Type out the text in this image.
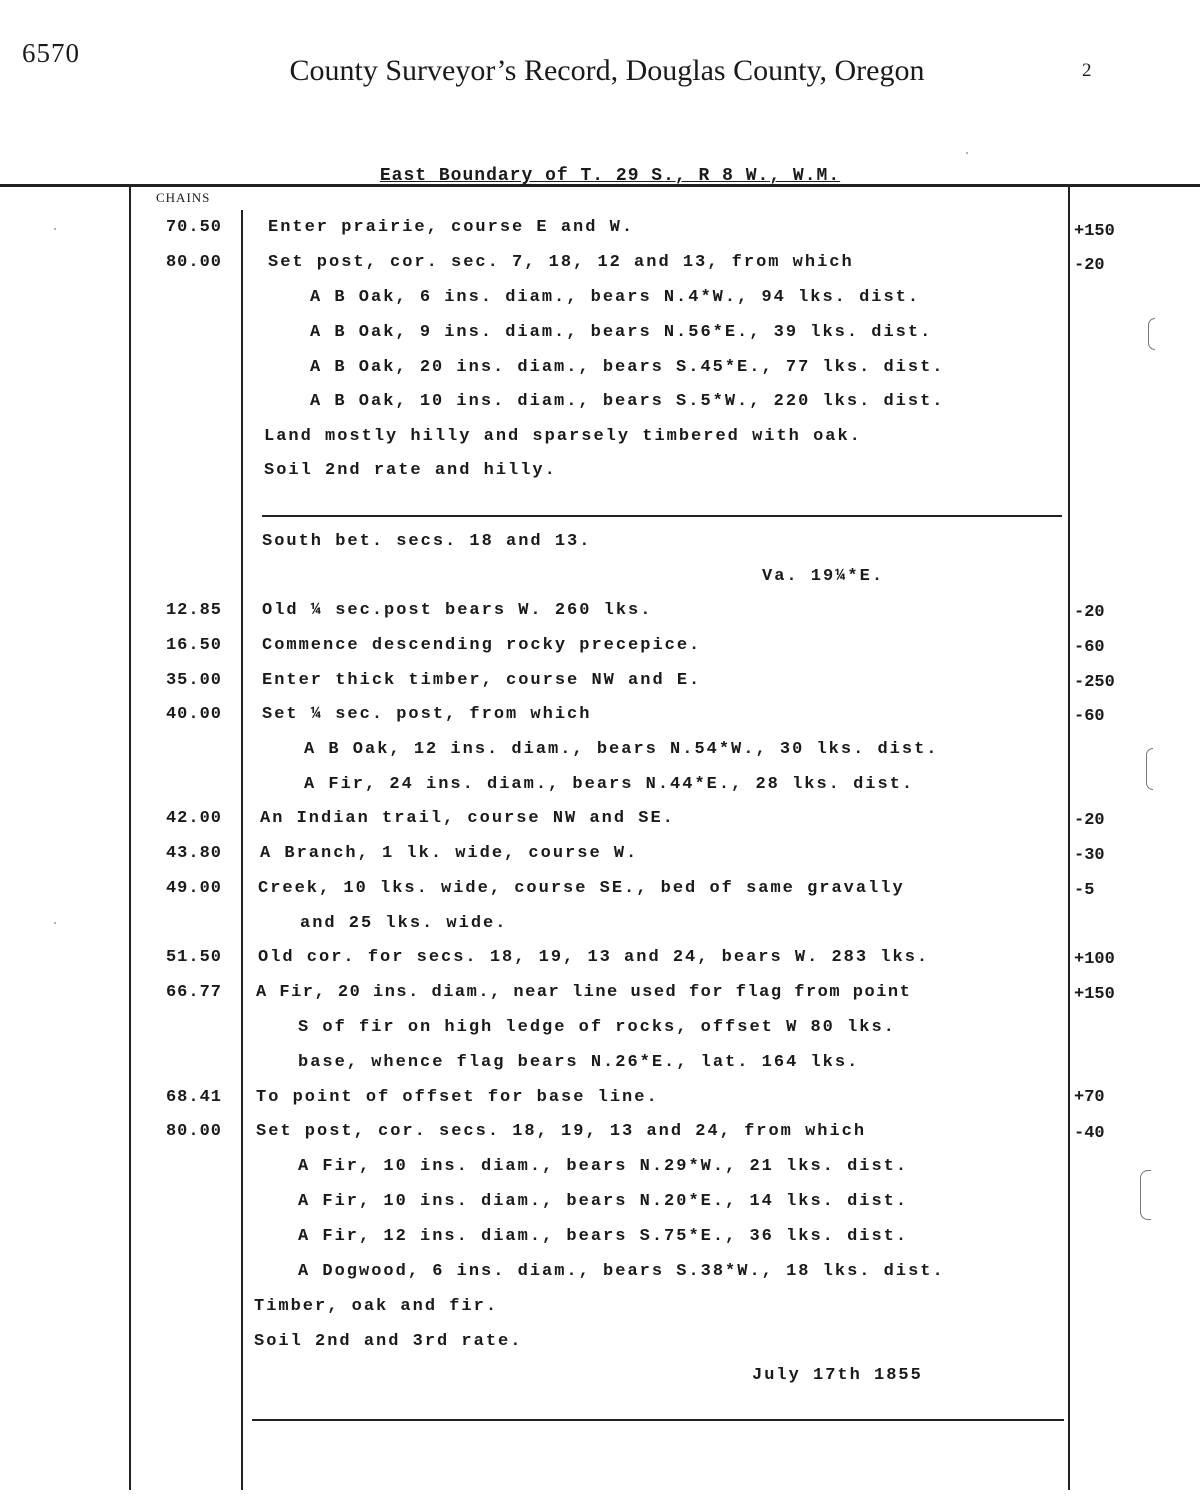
6570
County Surveyor’s Record, Douglas County, Oregon	2
East Boundary of T. 29 S., R 8 W., W.M.
CHAINS
70.50	Enter prairie, course E and W.	+150
80.00	Set post, cor. sec. 7, 18, 12 and 13, from which	-20
A B Oak, 6 ins. diam., bears N.4*W., 94 lks. dist.
A B Oak, 9 ins. diam., bears N.56*E., 39 lks. dist.
A B Oak, 20 ins. diam., bears S.45*E., 77 lks. dist.
A B Oak, 10 ins. diam., bears S.5*W., 220 lks. dist.
Land mostly hilly and sparsely timbered with oak.
Soil 2nd rate and hilly.
South bet. secs. 18 and 13.
Va. 19¼*E.
12.85 Old ¼ sec.post bears W. 260 lks.	-20
16.50 Commence descending rocky precepice.	-60
35.00 Enter thick timber, course NW and E.	-250
40.00 Set ¼ sec. post, from which	-60
A B Oak, 12 ins. diam., bears N.54*W., 30 lks. dist.
A Fir, 24 ins. diam., bears N.44*E., 28 lks. dist.
42.00 An Indian trail, course NW and SE.	-20
43.80 A Branch, 1 lk. wide, course W.	-30
49.00 Creek, 10 lks. wide, course SE., bed of same gravally	-5
and 25 lks. wide.
51.50 Old cor. for secs. 18, 19, 13 and 24, bears W. 283 lks.	+100
66.77 A Fir, 20 ins. diam., near line used for flag from point	+150
S of fir on high ledge of rocks, offset W 80 lks.
base, whence flag bears N.26*E., lat. 164 lks.
68.41 To point of offset for base line.	+70
80.00 Set post, cor. secs. 18, 19, 13 and 24, from which	-40
A Fir, 10 ins. diam., bears N.29*W., 21 lks. dist.
A Fir, 10 ins. diam., bears N.20*E., 14 lks. dist.
A Fir, 12 ins. diam., bears S.75*E., 36 lks. dist.
A Dogwood, 6 ins. diam., bears S.38*W., 18 lks. dist.
Timber, oak and fir.
Soil 2nd and 3rd rate.
July 17th 1855
